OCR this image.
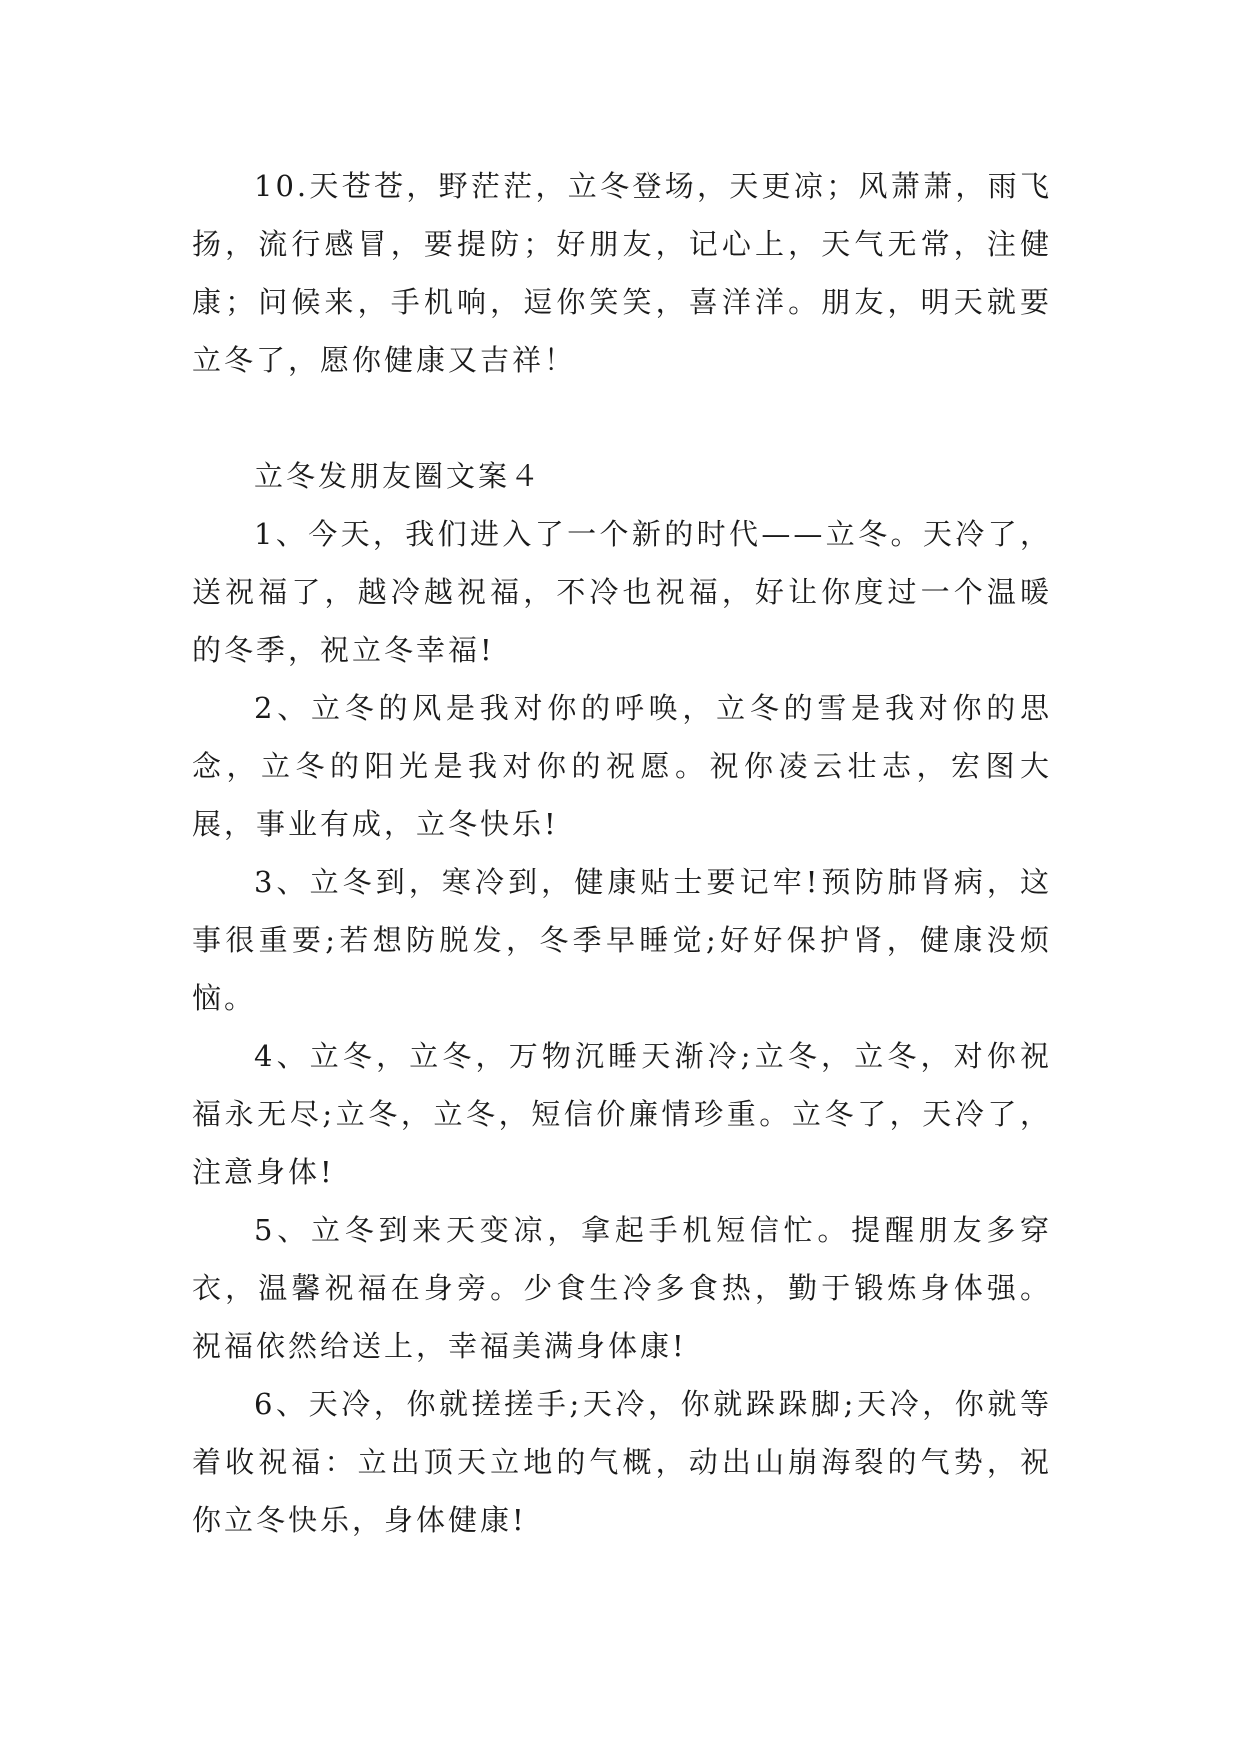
10.天苍苍，野茫茫，立冬登场，天更凉；风萧萧，雨飞扬，流行感冒，要提防；好朋友，记心上，天气无常，注健康；问候来，手机响，逗你笑笑，喜洋洋。朋友，明天就要立冬了，愿你健康又吉祥！

立冬发朋友圈文案４

1、今天，我们进入了一个新的时代——立冬。天冷了，送祝福了，越冷越祝福，不冷也祝福，好让你度过一个温暖的冬季，祝立冬幸福!

2、立冬的风是我对你的呼唤，立冬的雪是我对你的思念，立冬的阳光是我对你的祝愿。祝你凌云壮志，宏图大展，事业有成，立冬快乐!

3、立冬到，寒冷到，健康贴士要记牢!预防肺肾病，这事很重要;若想防脱发，冬季早睡觉;好好保护肾，健康没烦恼。

4、立冬，立冬，万物沉睡天渐冷;立冬，立冬，对你祝福永无尽;立冬，立冬，短信价廉情珍重。立冬了，天冷了，注意身体!

5、立冬到来天变凉，拿起手机短信忙。提醒朋友多穿衣，温馨祝福在身旁。少食生冷多食热，勤于锻炼身体强。祝福依然给送上，幸福美满身体康!

6、天冷，你就搓搓手;天冷，你就跺跺脚;天冷，你就等着收祝福：立出顶天立地的气概，动出山崩海裂的气势，祝你立冬快乐，身体健康!
